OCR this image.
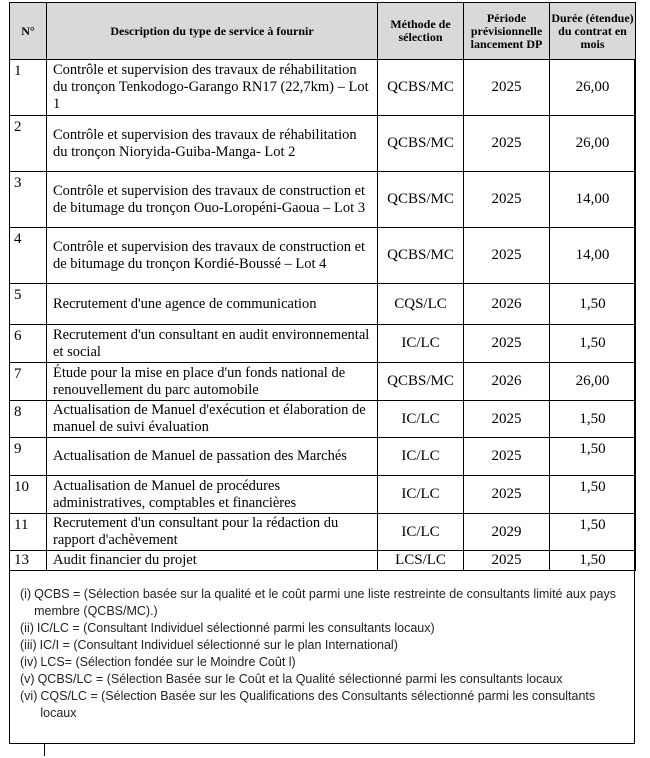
N°	Description du type de service à fournir	Méthode de sélection	Période prévisionnelle lancement DP	Durée (étendue) du contrat en mois
1	Contrôle et supervision des travaux de réhabilitation du tronçon Tenkodogo-Garango RN17 (22,7km) – Lot 1	QCBS/MC	2025	26,00
2	Contrôle et supervision des travaux de réhabilitation du tronçon Nioryida-Guiba-Manga- Lot 2	QCBS/MC	2025	26,00
3	Contrôle et supervision des travaux de construction et de bitumage du tronçon Ouo-Loropéni-Gaoua – Lot 3	QCBS/MC	2025	14,00
4	Contrôle et supervision des travaux de construction et de bitumage du tronçon Kordié-Boussé – Lot 4	QCBS/MC	2025	14,00
5	Recrutement d'une agence de communication	CQS/LC	2026	1,50
6	Recrutement d'un consultant en audit environnemental et social	IC/LC	2025	1,50
7	Étude pour la mise en place d'un fonds national de renouvellement du parc automobile	QCBS/MC	2026	26,00
8	Actualisation de Manuel d'exécution et élaboration de manuel de suivi évaluation	IC/LC	2025	1,50
9	Actualisation de Manuel de passation des Marchés	IC/LC	2025	1,50
10	Actualisation de Manuel de procédures administratives, comptables et financières	IC/LC	2025	1,50
11	Recrutement d'un consultant pour la rédaction du rapport d'achèvement	IC/LC	2029	1,50
13	Audit financier du projet	LCS/LC	2025	1,50
(i) QCBS = (Sélection basée sur la qualité et le coût parmi une liste restreinte de consultants limité aux pays membre (QCBS/MC).)
(ii) IC/LC = (Consultant Individuel sélectionné parmi les consultants locaux)
(iii) IC/I = (Consultant Individuel sélectionné sur le plan International)
(iv) LCS= (Sélection fondée sur le Moindre Coût l)
(v) QCBS/LC = (Sélection Basée sur le Coût et la Qualité sélectionné parmi les consultants locaux
(vi) CQS/LC = (Sélection Basée sur les Qualifications des Consultants sélectionné parmi les consultants locaux
